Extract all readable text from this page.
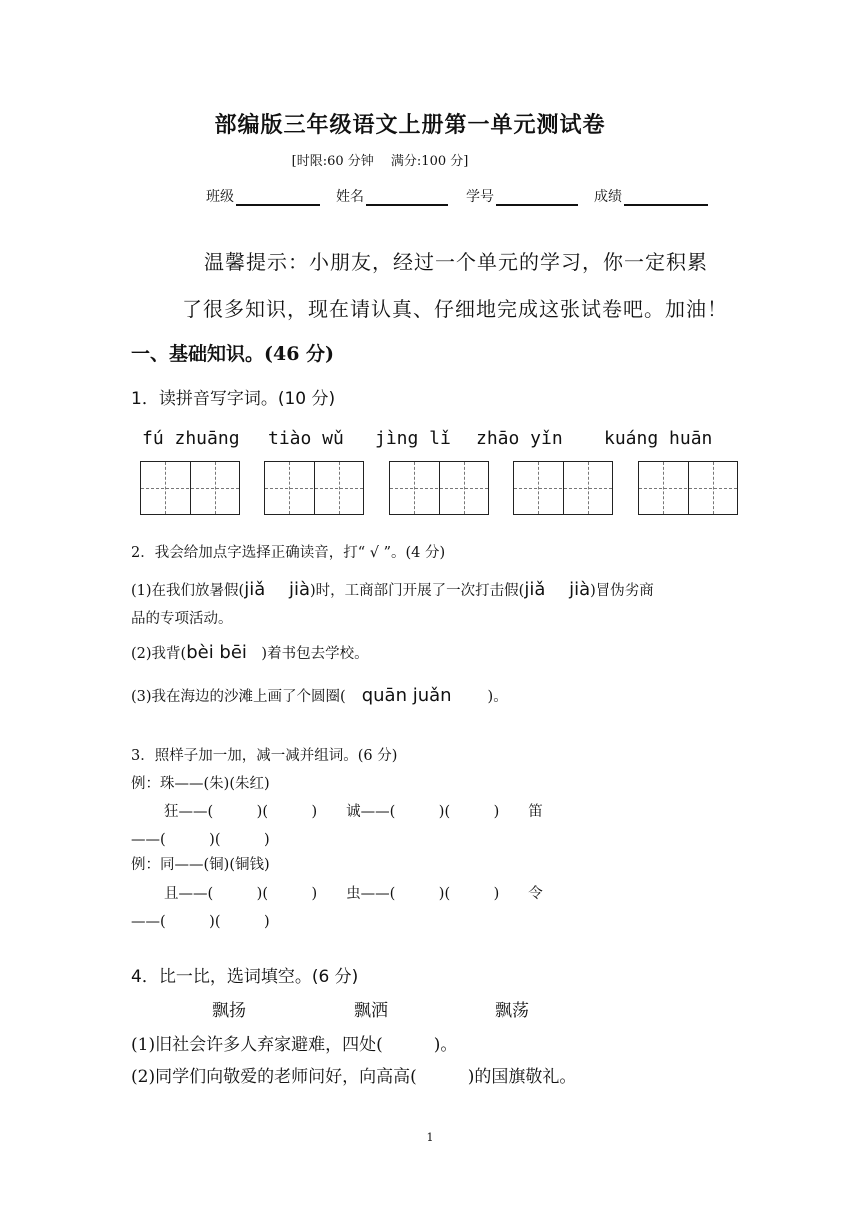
部编版三年级语文上册第一单元测试卷
[时限:60 分钟　 满分:100 分]
班级	姓名	学号	成绩
温馨提示：小朋友，经过一个单元的学习，你一定积累
了很多知识，现在请认真、仔细地完成这张试卷吧。加油！
一、基础知识。(46 分)
1．读拼音写字词。(10 分)
fú zhuāng tiào wǔ jìng lǐ zhāo yǐn kuáng huān
2．我会给加点字选择正确读音，打“ √ ”。(4 分)
(1)在我们放暑假(jiǎ　 jià)时，工商部门开展了一次打击假(jiǎ　 jià)冒伪劣商
品的专项活动。
(2)我背(bèi bēi　)着书包去学校。
(3)我在海边的沙滩上画了个圆圈( quān juǎn )。
3．照样子加一加，减一减并组词。(6 分)
例：珠——(朱)(朱红)
狂——(　　　)(　　　)　　诚——(　　　)(　　　)　　笛
——(　　　)(　　　)
例：同——(铜)(铜钱)
且——(　　　)(　　　)　　虫——(　　　)(　　　)　　令
——(　　　)(　　　)
4．比一比，选词填空。(6 分)
飘扬	飘洒	飘荡
(1)旧社会许多人弃家避难，四处(　　　)。
(2)同学们向敬爱的老师问好，向高高(　　　)的国旗敬礼。
1
